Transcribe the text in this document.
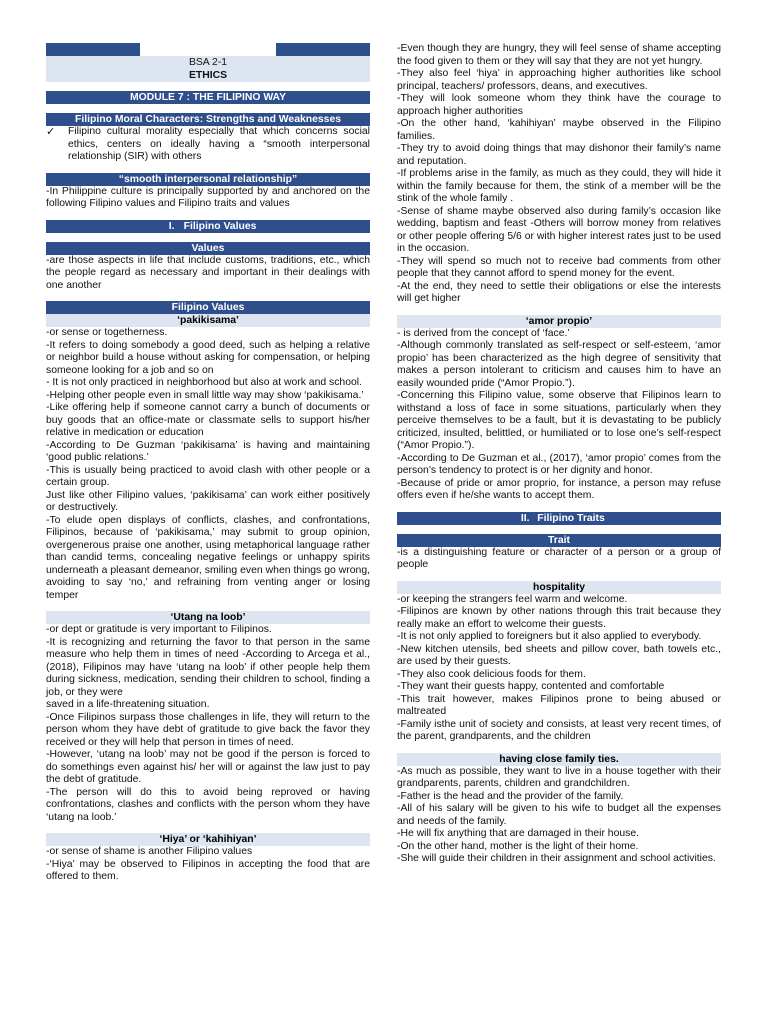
BSA 2-1
ETHICS
MODULE 7 : THE FILIPINO WAY
Filipino Moral Characters: Strengths and Weaknesses
✓	Filipino cultural morality especially that which concerns social ethics, centers on ideally having a “smooth interpersonal relationship (SIR) with others
“smooth interpersonal relationship”
-In Philippine culture is principally supported by and anchored on the following Filipino values and Filipino traits and values
I. Filipino Values
Values
-are those aspects in life that include customs, traditions, etc., which the people regard as necessary and important in their dealings with one another
Filipino Values
‘pakikisama’
-or sense or togetherness.
-It refers to doing somebody a good deed, such as helping a relative or neighbor build a house without asking for compensation, or helping someone looking for a job and so on
- It is not only practiced in neighborhood but also at work and school.
-Helping other people even in small little way may show ‘pakikisama.’
-Like offering help if someone cannot carry a bunch of documents or buy goods that an office-mate or classmate sells to support his/her relative in medication or education
-According to De Guzman ‘pakikisama’ is having and maintaining ‘good public relations.’
-This is usually being practiced to avoid clash with other people or a certain group.
Just like other Filipino values, ‘pakikisama’ can work either positively or destructively.
-To elude open displays of conflicts, clashes, and confrontations, Filipinos, because of ‘pakikisama,’ may submit to group opinion, overgenerous praise one another, using metaphorical language rather than candid terms, concealing negative feelings or unhappy spirits underneath a pleasant demeanor, smiling even when things go wrong, avoiding to say ‘no,’ and refraining from venting anger or losing temper
‘Utang na loob’
-or dept or gratitude is very important to Filipinos.
-It is recognizing and returning the favor to that person in the same measure who help them in times of need -According to Arcega et al., (2018), Filipinos may have ‘utang na loob’ if other people help them during sickness, medication, sending their children to school, finding a job, or they were
saved in a life-threatening situation.
-Once Filipinos surpass those challenges in life, they will return to the person whom they have debt of gratitude to give back the favor they received or they will help that person in times of need.
-However, ‘utang na loob’ may not be good if the person is forced to do somethings even against his/ her will or against the law just to pay the debt of gratitude.
-The person will do this to avoid being reproved or having confrontations, clashes and conflicts with the person whom they have ‘utang na loob.’
‘Hiya’ or ‘kahihiyan’
-or sense of shame is another Filipino values
-‘Hiya’ may be observed to Filipinos in accepting the food that are offered to them.
-Even though they are hungry, they will feel sense of shame accepting the food given to them or they will say that they are not yet hungry.
-They also feel ‘hiya’ in approaching higher authorities like school principal, teachers/ professors, deans, and executives.
-They will look someone whom they think have the courage to approach higher authorities
-On the other hand, ‘kahihiyan’ maybe observed in the Filipino families.
-They try to avoid doing things that may dishonor their family’s name and reputation.
-If problems arise in the family, as much as they could, they will hide it within the family because for them, the stink of a member will be the stink of the whole family .
-Sense of shame maybe observed also during family’s occasion like wedding, baptism and feast -Others will borrow money from relatives or other people offering 5/6 or with higher interest rates just to be used in the occasion.
-They will spend so much not to receive bad comments from other people that they cannot afford to spend money for the event.
-At the end, they need to settle their obligations or else the interests will get higher
‘amor propio’
- is derived from the concept of ‘face.’
-Although commonly translated as self-respect or self-esteem, ‘amor propio’ has been characterized as the high degree of sensitivity that makes a person intolerant to criticism and causes him to have an easily wounded pride (“Amor Propio.”).
-Concerning this Filipino value, some observe that Filipinos learn to withstand a loss of face in some situations, particularly when they perceive themselves to be a fault, but it is devastating to be publicly criticized, insulted, belittled, or humiliated or to lose one’s self-respect (“Amor Propio.”).
-According to De Guzman et al., (2017), ‘amor propio’ comes from the person’s tendency to protect is or her dignity and honor.
-Because of pride or amor proprio, for instance, a person may refuse offers even if he/she wants to accept them.
II. Filipino Traits
Trait
-is a distinguishing feature or character of a person or a group of people
hospitality
-or keeping the strangers feel warm and welcome.
-Filipinos are known by other nations through this trait because they really make an effort to welcome their guests.
-It is not only applied to foreigners but it also applied to everybody.
-New kitchen utensils, bed sheets and pillow cover, bath towels etc., are used by their guests.
-They also cook delicious foods for them.
-They want their guests happy, contented and comfortable
-This trait however, makes Filipinos prone to being abused or maltreated
-Family isthe unit of society and consists, at least very recent times, of the parent, grandparents, and the children
having close family ties.
-As much as possible, they want to live in a house together with their grandparents, parents, children and grandchildren.
-Father is the head and the provider of the family.
-All of his salary will be given to his wife to budget all the expenses and needs of the family.
-He will fix anything that are damaged in their house.
-On the other hand, mother is the light of their home.
-She will guide their children in their assignment and school activities.
